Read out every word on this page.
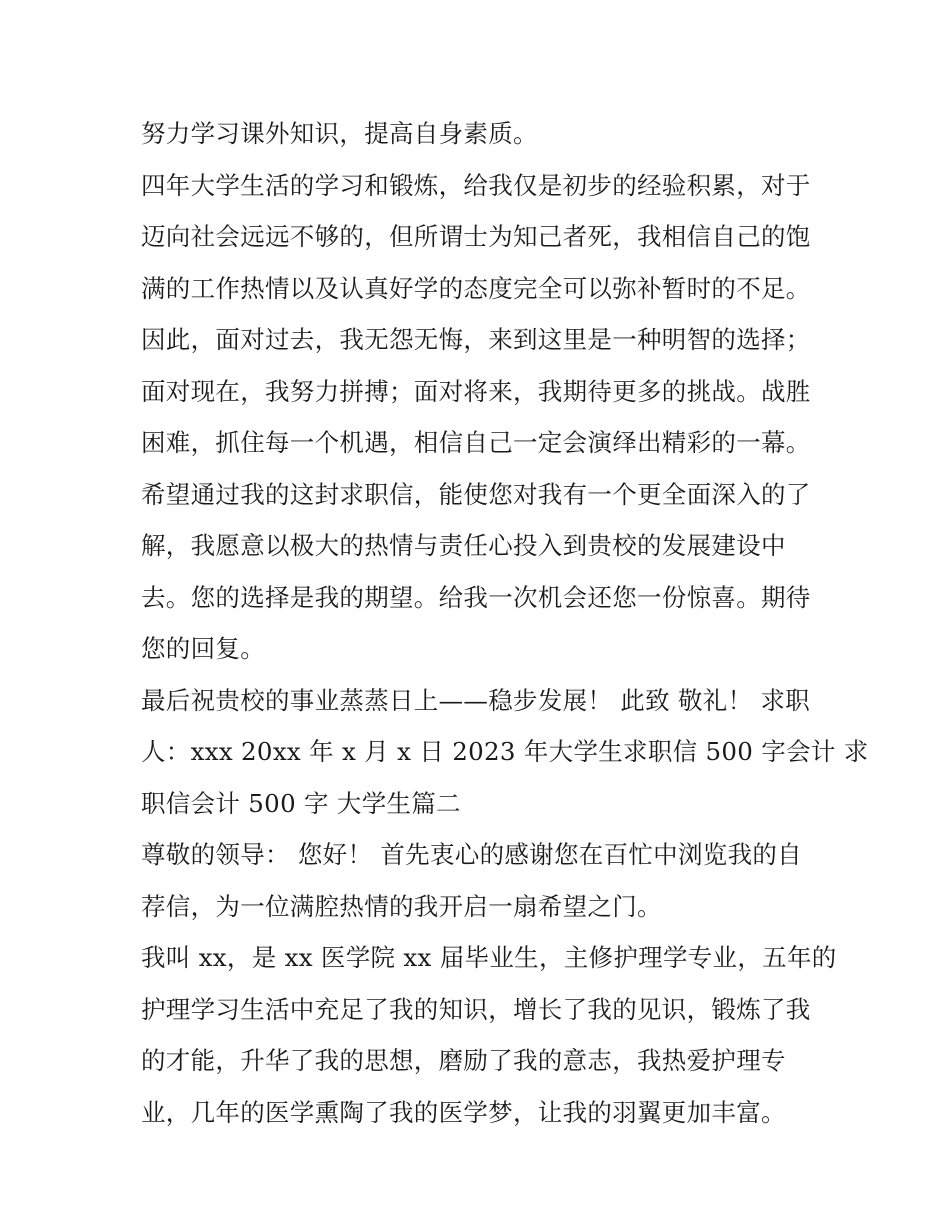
努力学习课外知识，提高自身素质。
四年大学生活的学习和锻炼，给我仅是初步的经验积累，对于
迈向社会远远不够的，但所谓士为知己者死，我相信自己的饱
满的工作热情以及认真好学的态度完全可以弥补暂时的不足。
因此，面对过去，我无怨无悔，来到这里是一种明智的选择；
面对现在，我努力拼搏；面对将来，我期待更多的挑战。战胜
困难，抓住每一个机遇，相信自己一定会演绎出精彩的一幕。
希望通过我的这封求职信，能使您对我有一个更全面深入的了
解，我愿意以极大的热情与责任心投入到贵校的发展建设中
去。您的选择是我的期望。给我一次机会还您一份惊喜。期待
您的回复。
最后祝贵校的事业蒸蒸日上——稳步发展！ 此致 敬礼！ 求职
人：xxx 20xx 年 x 月 x 日 2023 年大学生求职信 500 字会计 求
职信会计 500 字 大学生篇二
尊敬的领导： 您好！ 首先衷心的感谢您在百忙中浏览我的自
荐信，为一位满腔热情的我开启一扇希望之门。
我叫 xx，是 xx 医学院 xx 届毕业生，主修护理学专业，五年的
护理学习生活中充足了我的知识，增长了我的见识，锻炼了我
的才能，升华了我的思想，磨励了我的意志，我热爱护理专
业，几年的医学熏陶了我的医学梦，让我的羽翼更加丰富。
